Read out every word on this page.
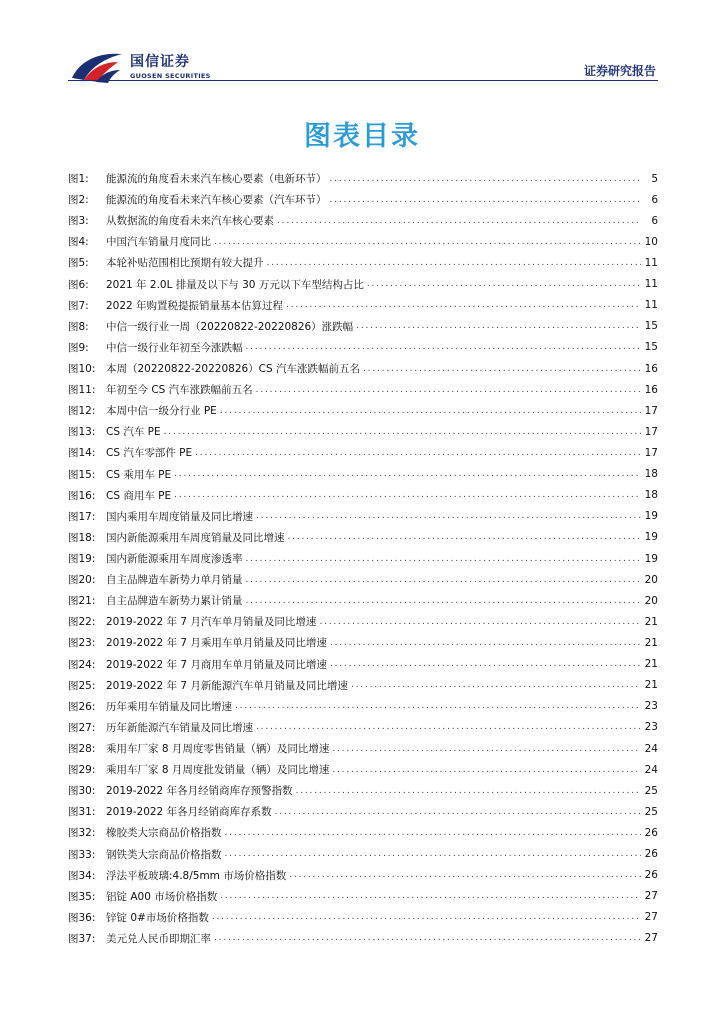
国信证券
GUOSEN SECURITIES	证券研究报告
图表目录
图1:	能源流的角度看未来汽车核心要素（电新环节） .....	5
图2:	能源流的角度看未来汽车核心要素（汽车环节） .....	6
图3:	从数据流的角度看未来汽车核心要素 .....	6
图4:	中国汽车销量月度同比 .....	10
图5:	本轮补贴范围相比预期有较大提升 .....	11
图6:	2021 年 2.0L 排量及以下与 30 万元以下车型结构占比 .....	11
图7:	2022 年购置税提振销量基本估算过程 .....	11
图8:	中信一级行业一周（20220822-20220826）涨跌幅 .....	15
图9:	中信一级行业年初至今涨跌幅 .....	15
图10:	本周（20220822-20220826）CS 汽车涨跌幅前五名 .....	16
图11:	年初至今 CS 汽车涨跌幅前五名 .....	16
图12:	本周中信一级分行业 PE .....	17
图13:	CS 汽车 PE .....	17
图14:	CS 汽车零部件 PE .....	17
图15:	CS 乘用车 PE .....	18
图16:	CS 商用车 PE .....	18
图17:	国内乘用车周度销量及同比增速 .....	19
图18:	国内新能源乘用车周度销量及同比增速 .....	19
图19:	国内新能源乘用车周度渗透率 .....	19
图20:	自主品牌造车新势力单月销量 .....	20
图21:	自主品牌造车新势力累计销量 .....	20
图22:	2019-2022 年 7 月汽车单月销量及同比增速 .....	21
图23:	2019-2022 年 7 月乘用车单月销量及同比增速 .....	21
图24:	2019-2022 年 7 月商用车单月销量及同比增速 .....	21
图25:	2019-2022 年 7 月新能源汽车单月销量及同比增速 .....	21
图26:	历年乘用车销量及同比增速 .....	23
图27:	历年新能源汽车销量及同比增速 .....	23
图28:	乘用车厂家 8 月周度零售销量（辆）及同比增速 .....	24
图29:	乘用车厂家 8 月周度批发销量（辆）及同比增速 .....	24
图30:	2019-2022 年各月经销商库存预警指数 .....	25
图31:	2019-2022 年各月经销商库存系数 .....	25
图32:	橡胶类大宗商品价格指数 .....	26
图33:	钢铁类大宗商品价格指数 .....	26
图34:	浮法平板玻璃:4.8/5mm 市场价格指数 .....	26
图35:	铝锭 A00 市场价格指数 .....	27
图36:	锌锭 0#市场价格指数 .....	27
图37:	美元兑人民币即期汇率 .....	27
